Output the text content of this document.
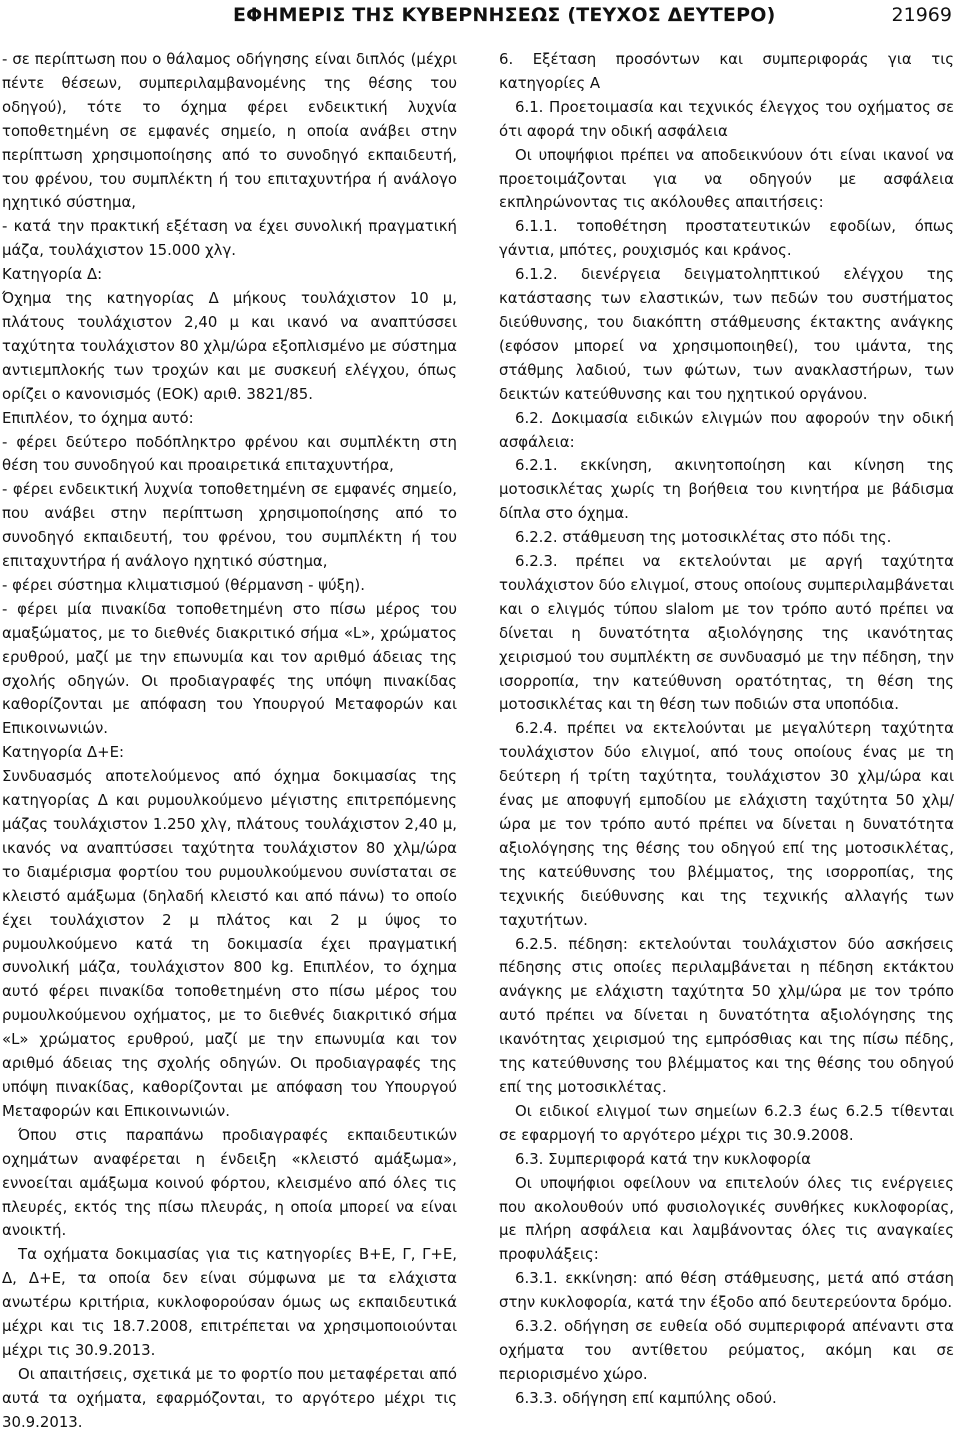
ΕΦΗΜΕΡΙΣ ΤΗΣ ΚΥΒΕΡΝΗΣΕΩΣ (ΤΕΥΧΟΣ ΔΕΥΤΕΡΟ)	21969

- σε περίπτωση που ο θάλαμος οδήγησης είναι διπλός (μέχρι πέντε θέσεων, συμπεριλαμβανομένης της θέσης του οδηγού), τότε το όχημα φέρει ενδεικτική λυχνία τοποθετημένη σε εμφανές σημείο, η οποία ανάβει στην περίπτωση χρησιμοποίησης από το συνοδηγό εκπαιδευτή, του φρένου, του συμπλέκτη ή του επιταχυντήρα ή ανάλογο ηχητικό σύστημα,

- κατά την πρακτική εξέταση να έχει συνολική πραγματική μάζα, τουλάχιστον 15.000 χλγ.

Κατηγορία Δ:

Όχημα της κατηγορίας Δ μήκους τουλάχιστον 10 μ, πλάτους τουλάχιστον 2,40 μ και ικανό να αναπτύσσει ταχύτητα τουλάχιστον 80 χλμ/ώρα εξοπλισμένο με σύστημα αντιεμπλοκής των τροχών και με συσκευή ελέγχου, όπως ορίζει ο κανονισμός (ΕΟΚ) αριθ. 3821/85.

Επιπλέον, το όχημα αυτό:

- φέρει δεύτερο ποδόπληκτρο φρένου και συμπλέκτη στη θέση του συνοδηγού και προαιρετικά επιταχυντήρα,

- φέρει ενδεικτική λυχνία τοποθετημένη σε εμφανές σημείο, που ανάβει στην περίπτωση χρησιμοποίησης από το συνοδηγό εκπαιδευτή, του φρένου, του συμπλέκτη ή του επιταχυντήρα ή ανάλογο ηχητικό σύστημα,

- φέρει σύστημα κλιματισμού (θέρμανση - ψύξη).

- φέρει μία πινακίδα τοποθετημένη στο πίσω μέρος του αμαξώματος, με το διεθνές διακριτικό σήμα «L», χρώματος ερυθρού, μαζί με την επωνυμία και τον αριθμό άδειας της σχολής οδηγών. Οι προδιαγραφές της υπόψη πινακίδας καθορίζονται με απόφαση του Υπουργού Μεταφορών και Επικοινωνιών.

Κατηγορία Δ+Ε:

Συνδυασμός αποτελούμενος από όχημα δοκιμασίας της κατηγορίας Δ και ρυμουλκούμενο μέγιστης επιτρεπόμενης μάζας τουλάχιστον 1.250 χλγ, πλάτους τουλάχιστον 2,40 μ, ικανός να αναπτύσσει ταχύτητα τουλάχιστον 80 χλμ/ώρα το διαμέρισμα φορτίου του ρυμουλκούμενου συνίσταται σε κλειστό αμάξωμα (δηλαδή κλειστό και από πάνω) το οποίο έχει τουλάχιστον 2 μ πλάτος και 2 μ ύψος το ρυμουλκούμενο κατά τη δοκιμασία έχει πραγματική συνολική μάζα, τουλάχιστον 800 kg. Επιπλέον, το όχημα αυτό φέρει πινακίδα τοποθετημένη στο πίσω μέρος του ρυμουλκούμενου οχήματος, με το διεθνές διακριτικό σήμα «L» χρώματος ερυθρού, μαζί με την επωνυμία και τον αριθμό άδειας της σχολής οδηγών. Οι προδιαγραφές της υπόψη πινακίδας, καθορίζονται με απόφαση του Υπουργού Μεταφορών και Επικοινωνιών.

Όπου στις παραπάνω προδιαγραφές εκπαιδευτικών οχημάτων αναφέρεται η ένδειξη «κλειστό αμάξωμα», εννοείται αμάξωμα κοινού φόρτου, κλεισμένο από όλες τις πλευρές, εκτός της πίσω πλευράς, η οποία μπορεί να είναι ανοικτή.

Τα οχήματα δοκιμασίας για τις κατηγορίες Β+Ε, Γ, Γ+Ε, Δ, Δ+Ε, τα οποία δεν είναι σύμφωνα με τα ελάχιστα ανωτέρω κριτήρια, κυκλοφορούσαν όμως ως εκπαιδευτικά μέχρι και τις 18.7.2008, επιτρέπεται να χρησιμοποιούνται μέχρι τις 30.9.2013.

Οι απαιτήσεις, σχετικά με το φορτίο που μεταφέρεται από αυτά τα οχήματα, εφαρμόζονται, το αργότερο μέχρι τις 30.9.2013.

6. Εξέταση προσόντων και συμπεριφοράς για τις κατηγορίες Α

6.1. Προετοιμασία και τεχνικός έλεγχος του οχήματος σε ότι αφορά την οδική ασφάλεια

Οι υποψήφιοι πρέπει να αποδεικνύουν ότι είναι ικανοί να προετοιμάζονται για να οδηγούν με ασφάλεια εκπληρώνοντας τις ακόλουθες απαιτήσεις:

6.1.1. τοποθέτηση προστατευτικών εφοδίων, όπως γάντια, μπότες, ρουχισμός και κράνος.

6.1.2. διενέργεια δειγματοληπτικού ελέγχου της κατάστασης των ελαστικών, των πεδών του συστήματος διεύθυνσης, του διακόπτη στάθμευσης έκτακτης ανάγκης (εφόσον μπορεί να χρησιμοποιηθεί), του ιμάντα, της στάθμης λαδιού, των φώτων, των ανακλαστήρων, των δεικτών κατεύθυνσης και του ηχητικού οργάνου.

6.2. Δοκιμασία ειδικών ελιγμών που αφορούν την οδική ασφάλεια:

6.2.1. εκκίνηση, ακινητοποίηση και κίνηση της μοτοσικλέτας χωρίς τη βοήθεια του κινητήρα με βάδισμα δίπλα στο όχημα.

6.2.2. στάθμευση της μοτοσικλέτας στο πόδι της.

6.2.3. πρέπει να εκτελούνται με αργή ταχύτητα τουλάχιστον δύο ελιγμοί, στους οποίους συμπεριλαμβάνεται και ο ελιγμός τύπου slalom με τον τρόπο αυτό πρέπει να δίνεται η δυνατότητα αξιολόγησης της ικανότητας χειρισμού του συμπλέκτη σε συνδυασμό με την πέδηση, την ισορροπία, την κατεύθυνση ορατότητας, τη θέση της μοτοσικλέτας και τη θέση των ποδιών στα υποπόδια.

6.2.4. πρέπει να εκτελούνται με μεγαλύτερη ταχύτητα τουλάχιστον δύο ελιγμοί, από τους οποίους ένας με τη δεύτερη ή τρίτη ταχύτητα, τουλάχιστον 30 χλμ/ώρα και ένας με αποφυγή εμποδίου με ελάχιστη ταχύτητα 50 χλμ/ώρα με τον τρόπο αυτό πρέπει να δίνεται η δυνατότητα αξιολόγησης της θέσης του οδηγού επί της μοτοσικλέτας, της κατεύθυνσης του βλέμματος, της ισορροπίας, της τεχνικής διεύθυνσης και της τεχνικής αλλαγής των ταχυτήτων.

6.2.5. πέδηση: εκτελούνται τουλάχιστον δύο ασκήσεις πέδησης στις οποίες περιλαμβάνεται η πέδηση εκτάκτου ανάγκης με ελάχιστη ταχύτητα 50 χλμ/ώρα με τον τρόπο αυτό πρέπει να δίνεται η δυνατότητα αξιολόγησης της ικανότητας χειρισμού της εμπρόσθιας και της πίσω πέδης, της κατεύθυνσης του βλέμματος και της θέσης του οδηγού επί της μοτοσικλέτας.

Οι ειδικοί ελιγμοί των σημείων 6.2.3 έως 6.2.5 τίθενται σε εφαρμογή το αργότερο μέχρι τις 30.9.2008.

6.3. Συμπεριφορά κατά την κυκλοφορία

Οι υποψήφιοι οφείλουν να επιτελούν όλες τις ενέργειες που ακολουθούν υπό φυσιολογικές συνθήκες κυκλοφορίας, με πλήρη ασφάλεια και λαμβάνοντας όλες τις αναγκαίες προφυλάξεις:

6.3.1. εκκίνηση: από θέση στάθμευσης, μετά από στάση στην κυκλοφορία, κατά την έξοδο από δευτερεύοντα δρόμο.

6.3.2. οδήγηση σε ευθεία οδό συμπεριφορά απέναντι στα οχήματα του αντίθετου ρεύματος, ακόμη και σε περιορισμένο χώρο.

6.3.3. οδήγηση επί καμπύλης οδού.
